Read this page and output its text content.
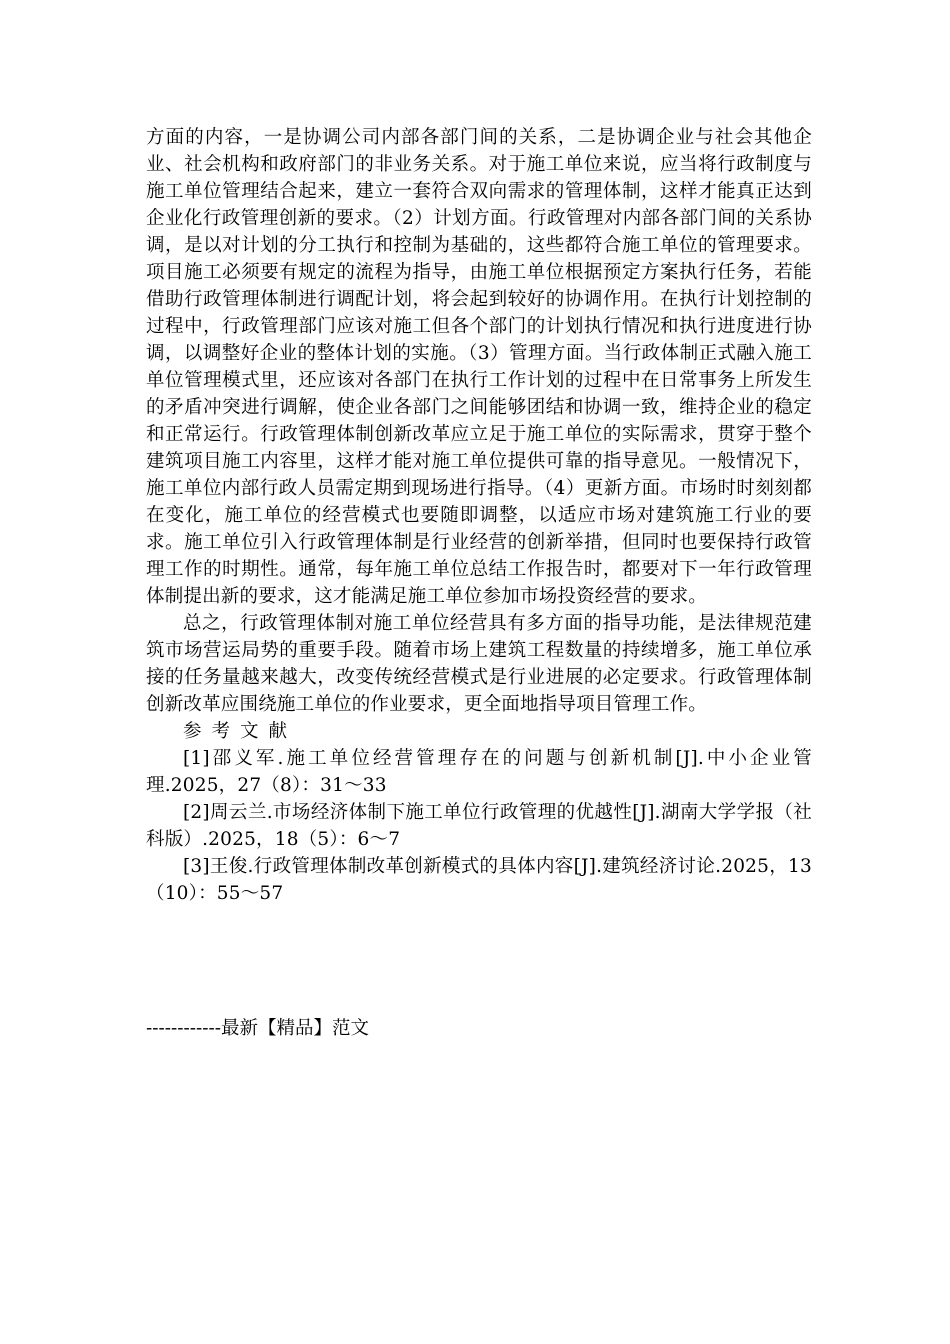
方面的内容，一是协调公司内部各部门间的关系，二是协调企业与社会其他企业、社会机构和政府部门的非业务关系。对于施工单位来说，应当将行政制度与施工单位管理结合起来，建立一套符合双向需求的管理体制，这样才能真正达到企业化行政管理创新的要求。（2）计划方面。行政管理对内部各部门间的关系协调，是以对计划的分工执行和控制为基础的，这些都符合施工单位的管理要求。项目施工必须要有规定的流程为指导，由施工单位根据预定方案执行任务，若能借助行政管理体制进行调配计划，将会起到较好的协调作用。在执行计划控制的过程中，行政管理部门应该对施工但各个部门的计划执行情况和执行进度进行协调，以调整好企业的整体计划的实施。（3）管理方面。当行政体制正式融入施工单位管理模式里，还应该对各部门在执行工作计划的过程中在日常事务上所发生的矛盾冲突进行调解，使企业各部门之间能够团结和协调一致，维持企业的稳定和正常运行。行政管理体制创新改革应立足于施工单位的实际需求，贯穿于整个建筑项目施工内容里，这样才能对施工单位提供可靠的指导意见。一般情况下，施工单位内部行政人员需定期到现场进行指导。（4）更新方面。市场时时刻刻都在变化，施工单位的经营模式也要随即调整，以适应市场对建筑施工行业的要求。施工单位引入行政管理体制是行业经营的创新举措，但同时也要保持行政管理工作的时期性。通常，每年施工单位总结工作报告时，都要对下一年行政管理体制提出新的要求，这才能满足施工单位参加市场投资经营的要求。

总之，行政管理体制对施工单位经营具有多方面的指导功能，是法律规范建筑市场营运局势的重要手段。随着市场上建筑工程数量的持续增多，施工单位承接的任务量越来越大，改变传统经营模式是行业进展的必定要求。行政管理体制创新改革应围绕施工单位的作业要求，更全面地指导项目管理工作。

参考文献

[1]邵义军.施工单位经营管理存在的问题与创新机制[J].中小企业管理.2025，27（8）：31～33

[2]周云兰.市场经济体制下施工单位行政管理的优越性[J].湖南大学学报（社科版）.2025，18（5）：6～7

[3]王俊.行政管理体制改革创新模式的具体内容[J].建筑经济讨论.2025，13（10）：55～57

------------最新【精品】范文
